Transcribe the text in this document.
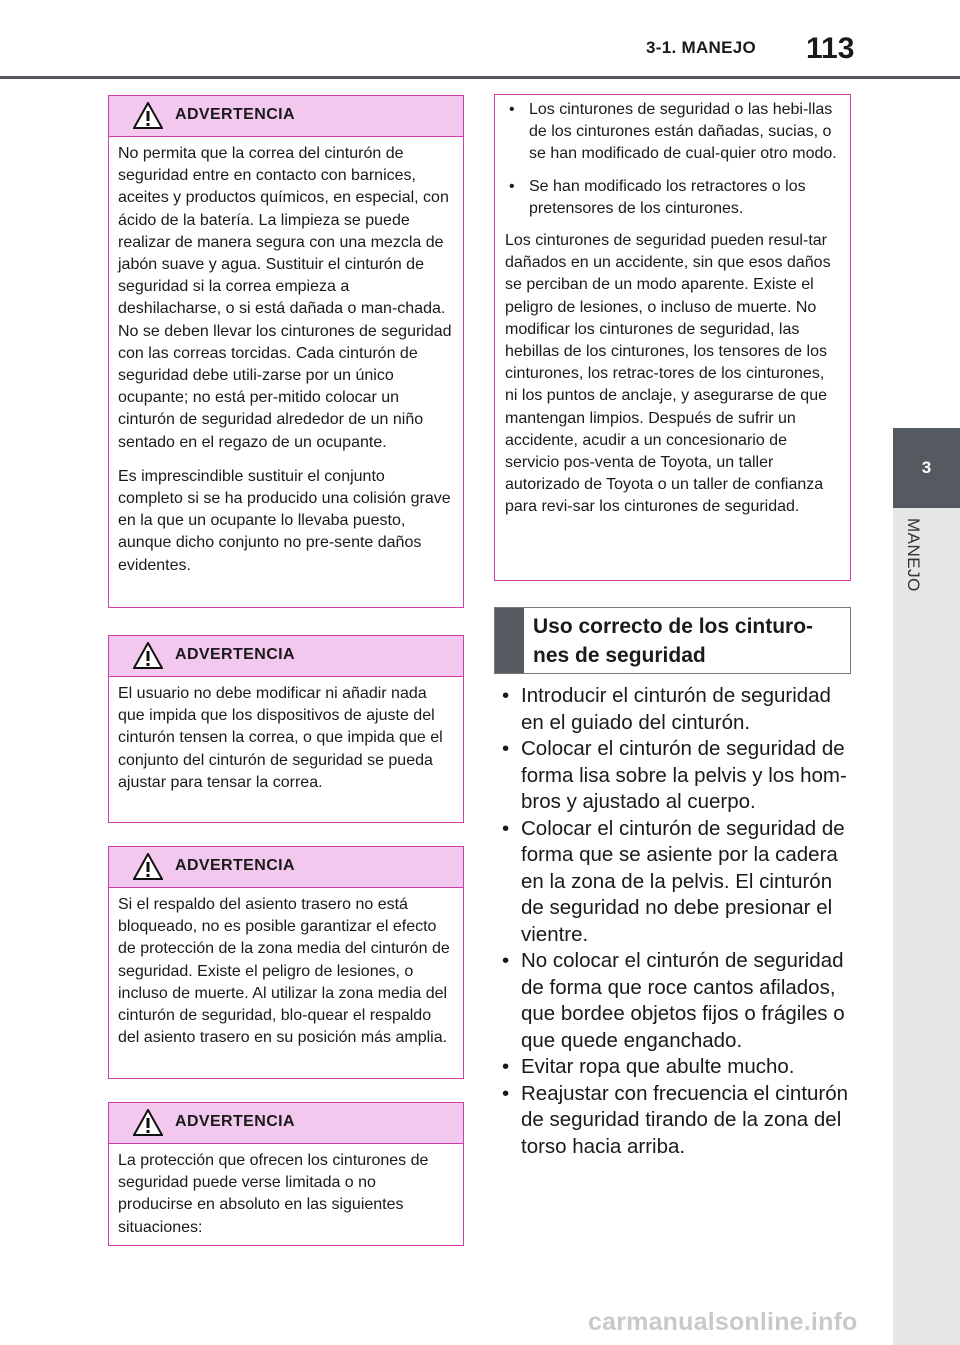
3-1. MANEJO 113
3
MANEJO
ADVERTENCIA

No permita que la correa del cinturón de seguridad entre en contacto con barnices, aceites y productos químicos, en especial, con ácido de la batería. La limpieza se puede realizar de manera segura con una mezcla de jabón suave y agua. Sustituir el cinturón de seguridad si la correa empieza a deshilacharse, o si está dañada o man-chada. No se deben llevar los cinturones de seguridad con las correas torcidas. Cada cinturón de seguridad debe utili-zarse por un único ocupante; no está per-mitido colocar un cinturón de seguridad alrededor de un niño sentado en el regazo de un ocupante.

Es imprescindible sustituir el conjunto completo si se ha producido una colisión grave en la que un ocupante lo llevaba puesto, aunque dicho conjunto no pre-sente daños evidentes.

ADVERTENCIA

El usuario no debe modificar ni añadir nada que impida que los dispositivos de ajuste del cinturón tensen la correa, o que impida que el conjunto del cinturón de seguridad se pueda ajustar para tensar la correa.

ADVERTENCIA

Si el respaldo del asiento trasero no está bloqueado, no es posible garantizar el efecto de protección de la zona media del cinturón de seguridad. Existe el peligro de lesiones, o incluso de muerte. Al utilizar la zona media del cinturón de seguridad, blo-quear el respaldo del asiento trasero en su posición más amplia.

ADVERTENCIA

La protección que ofrecen los cinturones de seguridad puede verse limitada o no producirse en absoluto en las siguientes situaciones:

• Los cinturones de seguridad o las hebi-llas de los cinturones están dañadas, sucias, o se han modificado de cual-quier otro modo.

• Se han modificado los retractores o los pretensores de los cinturones.

Los cinturones de seguridad pueden resul-tar dañados en un accidente, sin que esos daños se perciban de un modo aparente. Existe el peligro de lesiones, o incluso de muerte. No modificar los cinturones de seguridad, las hebillas de los cinturones, los tensores de los cinturones, los retrac-tores de los cinturones, ni los puntos de anclaje, y asegurarse de que mantengan limpios. Después de sufrir un accidente, acudir a un concesionario de servicio pos-venta de Toyota, un taller autorizado de Toyota o un taller de confianza para revi-sar los cinturones de seguridad.

Uso correcto de los cinturo-nes de seguridad

• Introducir el cinturón de seguridad en el guiado del cinturón.

• Colocar el cinturón de seguridad de forma lisa sobre la pelvis y los hom-bros y ajustado al cuerpo.

• Colocar el cinturón de seguridad de forma que se asiente por la cadera en la zona de la pelvis. El cinturón de seguridad no debe presionar el vientre.

• No colocar el cinturón de seguridad de forma que roce cantos afilados, que bordee objetos fijos o frágiles o que quede enganchado.

• Evitar ropa que abulte mucho.

• Reajustar con frecuencia el cinturón de seguridad tirando de la zona del torso hacia arriba.

carmanualsonline.info
